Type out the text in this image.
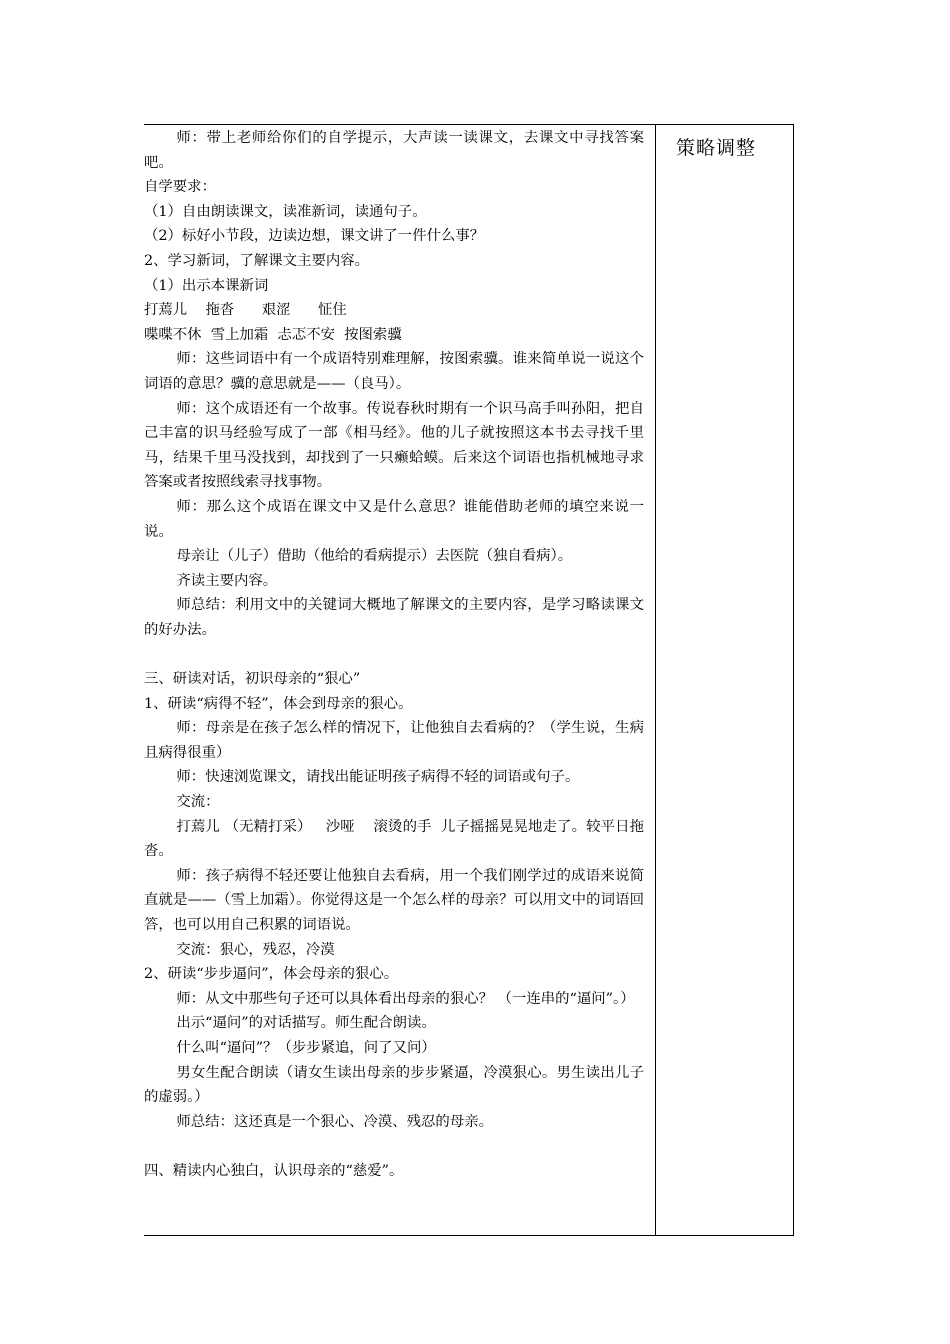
师：带上老师给你们的自学提示，大声读一读课文，去课文中寻找答案吧。

自学要求：

（1）自由朗读课文，读准新词，读通句子。

（2）标好小节段，边读边想，课文讲了一件什么事？

2、学习新词，了解课文主要内容。

（1）出示本课新词

打蔫儿    拖沓      艰涩      怔住

喋喋不休  雪上加霜  忐忑不安  按图索骥

师：这些词语中有一个成语特别难理解，按图索骥。谁来简单说一说这个词语的意思？骥的意思就是——（良马）。

师：这个成语还有一个故事。传说春秋时期有一个识马高手叫孙阳，把自己丰富的识马经验写成了一部《相马经》。他的儿子就按照这本书去寻找千里马，结果千里马没找到，却找到了一只癞蛤蟆。后来这个词语也指机械地寻求答案或者按照线索寻找事物。

师：那么这个成语在课文中又是什么意思？谁能借助老师的填空来说一说。

母亲让（儿子）借助（他给的看病提示）去医院（独自看病）。

齐读主要内容。

师总结：利用文中的关键词大概地了解课文的主要内容，是学习略读课文的好办法。

三、研读对话，初识母亲的“狠心”

1、研读“病得不轻”，体会到母亲的狠心。

师：母亲是在孩子怎么样的情况下，让他独自去看病的？（学生说，生病且病得很重）

师：快速浏览课文，请找出能证明孩子病得不轻的词语或句子。

交流：

打蔫儿 （无精打采）   沙哑    滚烫的手  儿子摇摇晃晃地走了。较平日拖沓。

师：孩子病得不轻还要让他独自去看病，用一个我们刚学过的成语来说简直就是——（雪上加霜）。你觉得这是一个怎么样的母亲？可以用文中的词语回答，也可以用自己积累的词语说。

交流：狠心，残忍，冷漠

2、研读“步步逼问”，体会母亲的狠心。

师：从文中那些句子还可以具体看出母亲的狠心？ （一连串的“逼问”。）

出示“逼问”的对话描写。师生配合朗读。

什么叫“逼问”？（步步紧追，问了又问）

男女生配合朗读（请女生读出母亲的步步紧逼，冷漠狠心。男生读出儿子的虚弱。）

师总结：这还真是一个狠心、冷漠、残忍的母亲。

四、精读内心独白，认识母亲的“慈爱”。

策略调整
